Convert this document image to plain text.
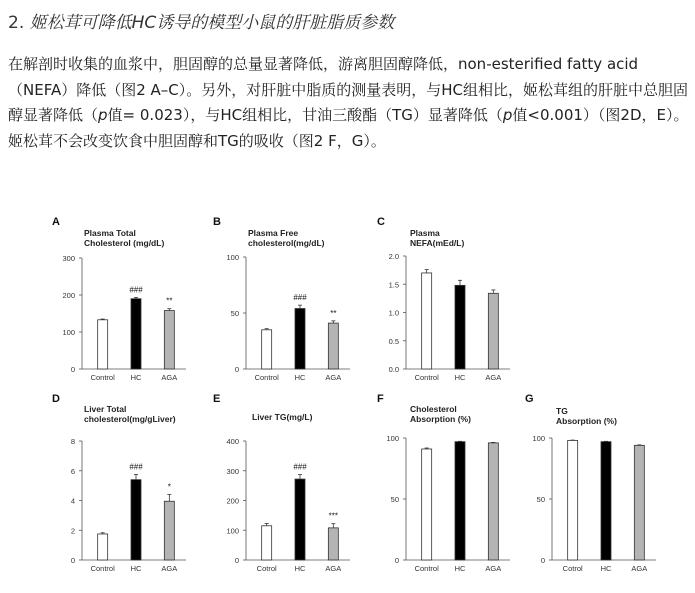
2. 姬松茸可降低HC诱导的模型小鼠的肝脏脂质参数

在解剖时收集的血浆中，胆固醇的总量显著降低，游离胆固醇降低，non-esterified fatty acid（NEFA）降低（图2 A–C）。另外，对肝脏中脂质的测量表明，与HC组相比，姬松茸组的肝脏中总胆固醇显著降低（p值= 0.023），与HC组相比，甘油三酸酯（TG）显著降低（p值<0.001）（图2D，E）。姬松茸不会改变饮食中胆固醇和TG的吸收（图2 F，G）。

A
Plasma Total
Cholesterol (mg/dL)
0
100
200
300
Control
###
HC
**
AGA
B
Plasma Free
cholesterol(mg/dL)
0
50
100
Control
###
HC
**
AGA
C
Plasma
NEFA(mEd/L)
0.0
0.5
1.0
1.5
2.0
Control HC	AGA
D
Liver Total
cholesterol(mg/gLiver)
0
2
4
6
8
Control
###
HC
*
AGA
E
Liver TG(mg/L)
0
100
200
300
400
Cotrol
###
HC
***
AGA
F
Cholesterol
Absorption (%)
0
50
100
Control HC	AGA
G
TG
Absorption (%)
0
50
100
Cotrol HC	AGA
